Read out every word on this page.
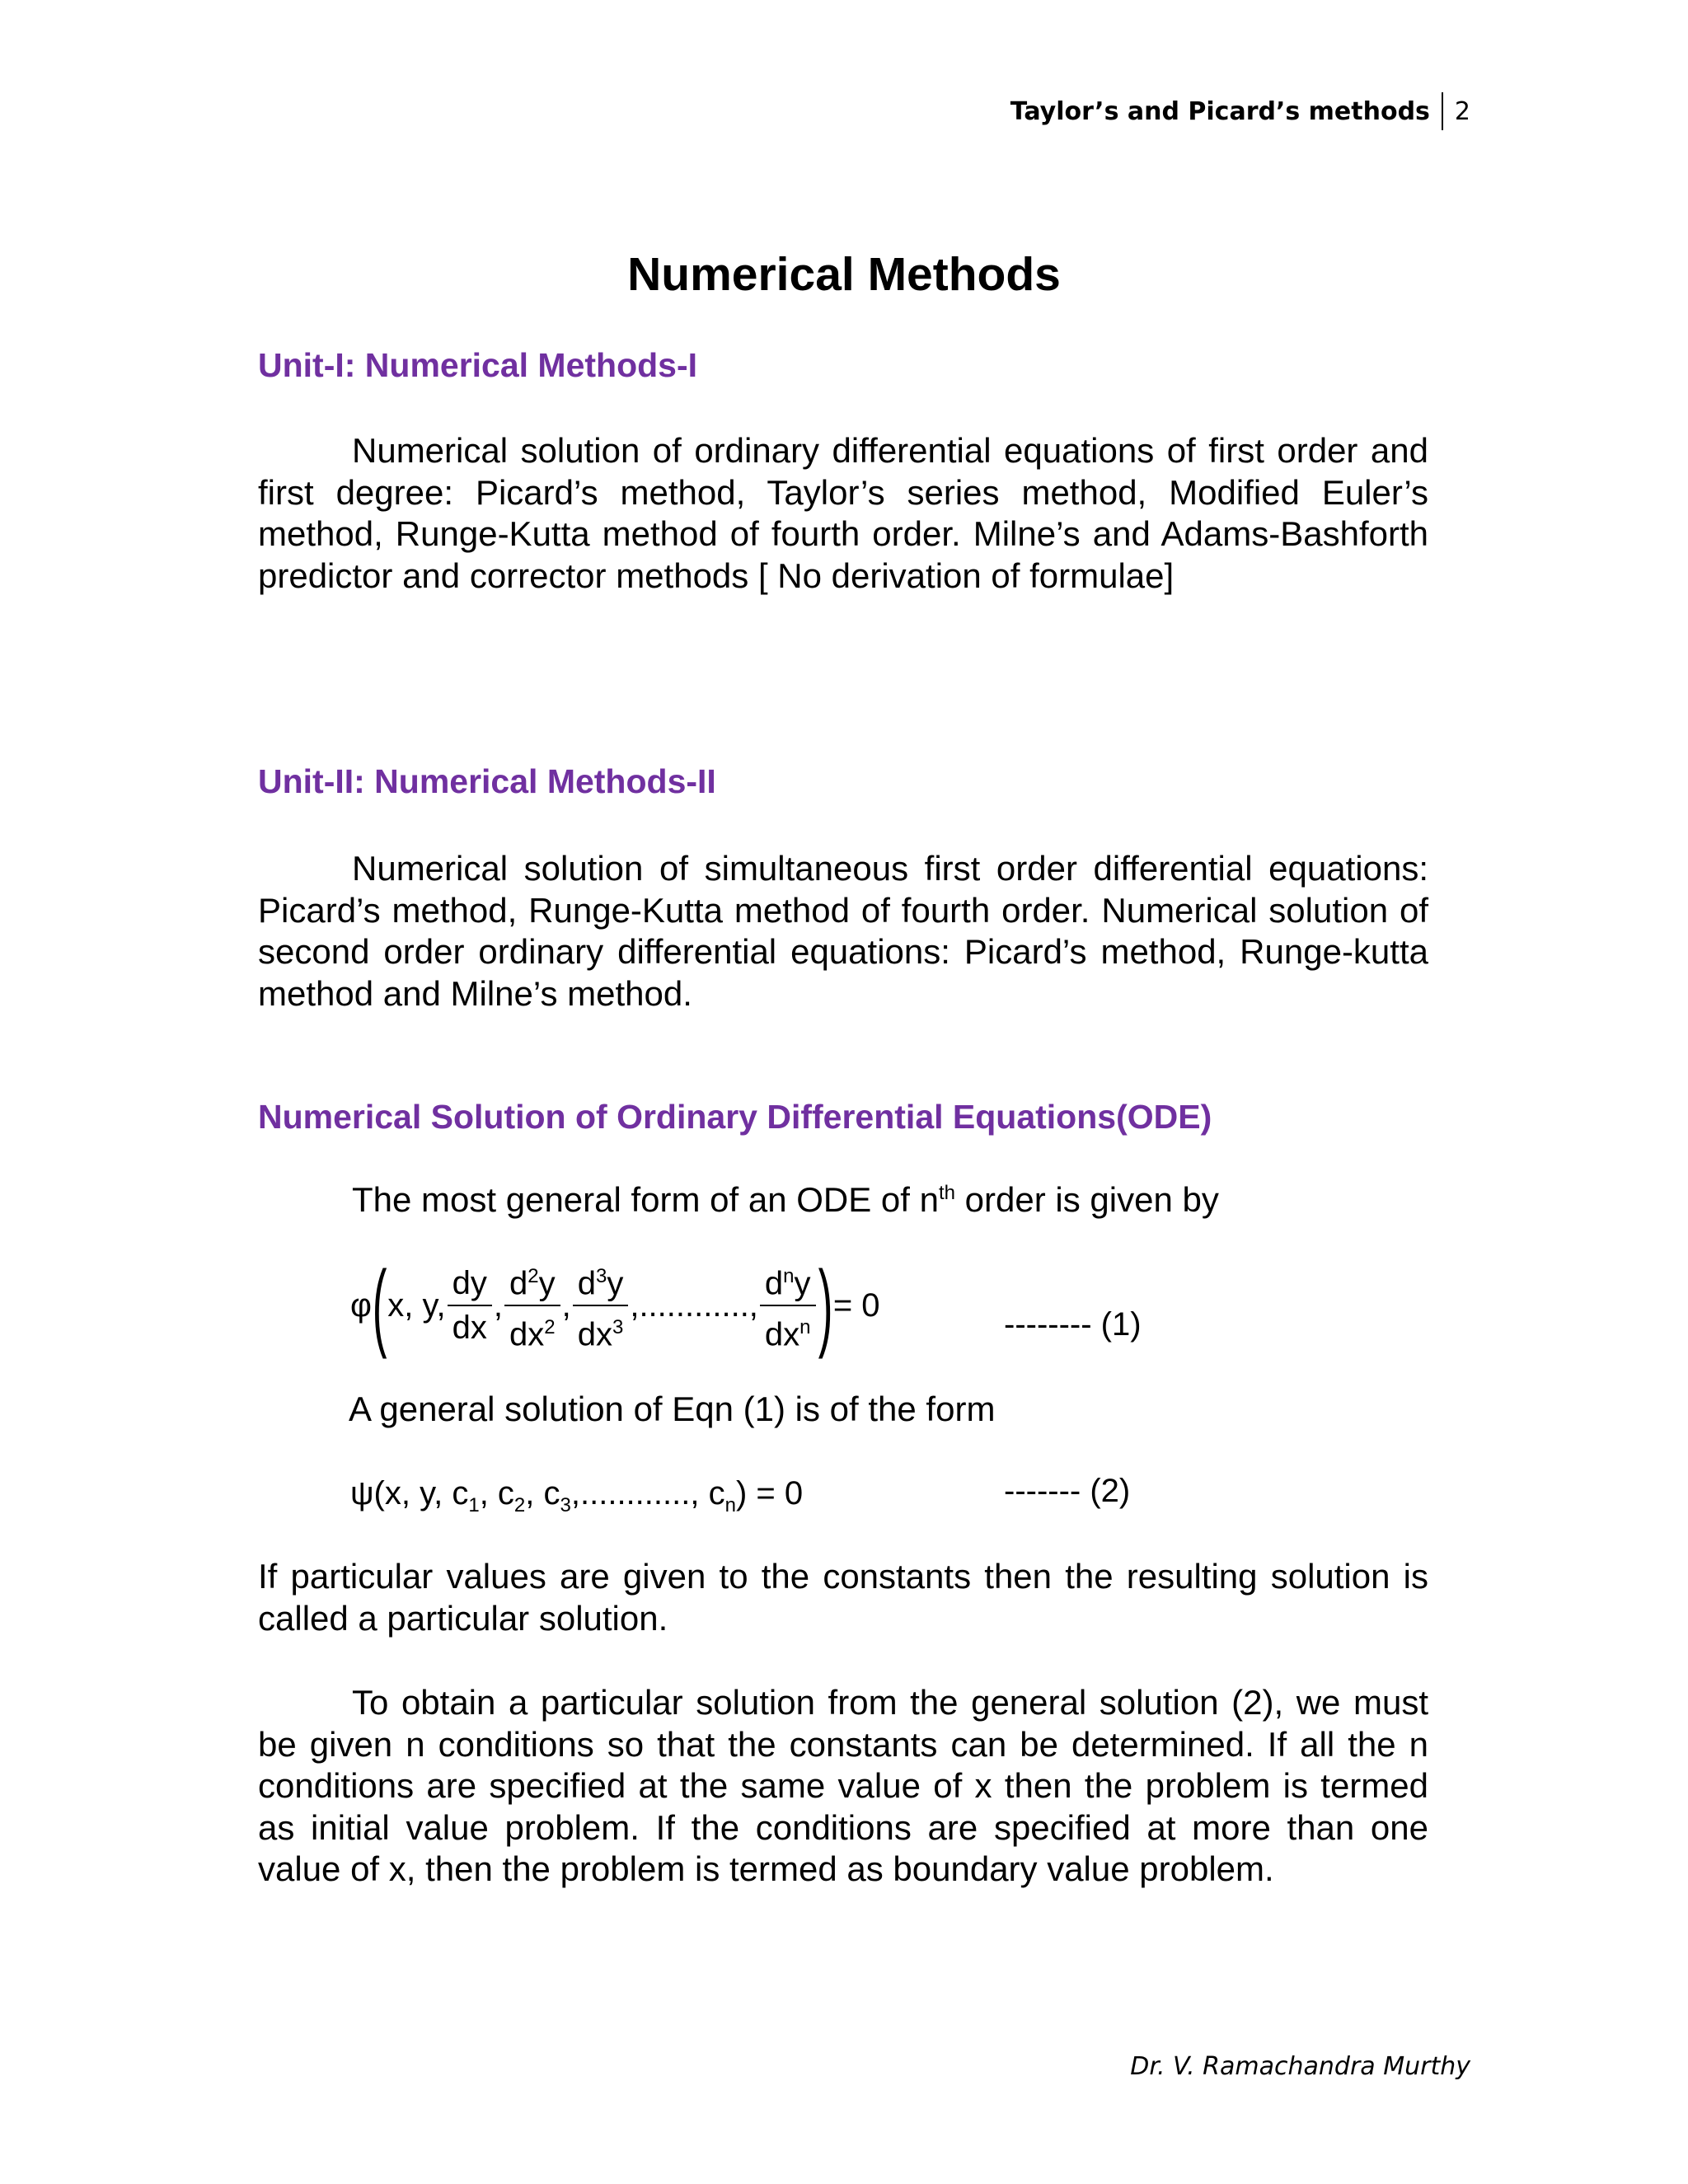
Taylor’s and Picard’s methods	2
Numerical Methods
Unit-I: Numerical Methods-I

Numerical solution of ordinary differential equations of first order and first degree: Picard’s method, Taylor’s series method, Modified Euler’s method, Runge-Kutta method of fourth order. Milne’s and Adams-Bashforth predictor and corrector methods [ No derivation of formulae]

Unit-II: Numerical Methods-II

Numerical solution of simultaneous first order differential equations: Picard’s method, Runge-Kutta method of fourth order. Numerical solution of second order ordinary differential equations: Picard’s method, Runge-kutta method and Milne’s method.

Numerical Solution of Ordinary Differential Equations(ODE)

The most general form of an ODE of $n^{th}$ order is given by

φ ( x, y, $\frac{dy}{dx}$ , $\frac{d^2y}{dx^2}$ , $\frac{d^3y}{dx^3}$ ,............, $\frac{d^ny}{dx^n}$ ) = 0
-------- (1)

A general solution of Eqn (1) is of the form

ψ(x, y, $c_1$, $c_2$, $c_3$,............, $c_n) = 0$	------- (2)

If particular values are given to the constants then the resulting solution is called a particular solution.

To obtain a particular solution from the general solution (2), we must be given n conditions so that the constants can be determined. If all the n conditions are specified at the same value of x then the problem is termed as initial value problem. If the conditions are specified at more than one value of x, then the problem is termed as boundary value problem.

Dr. V. Ramachandra Murthy
